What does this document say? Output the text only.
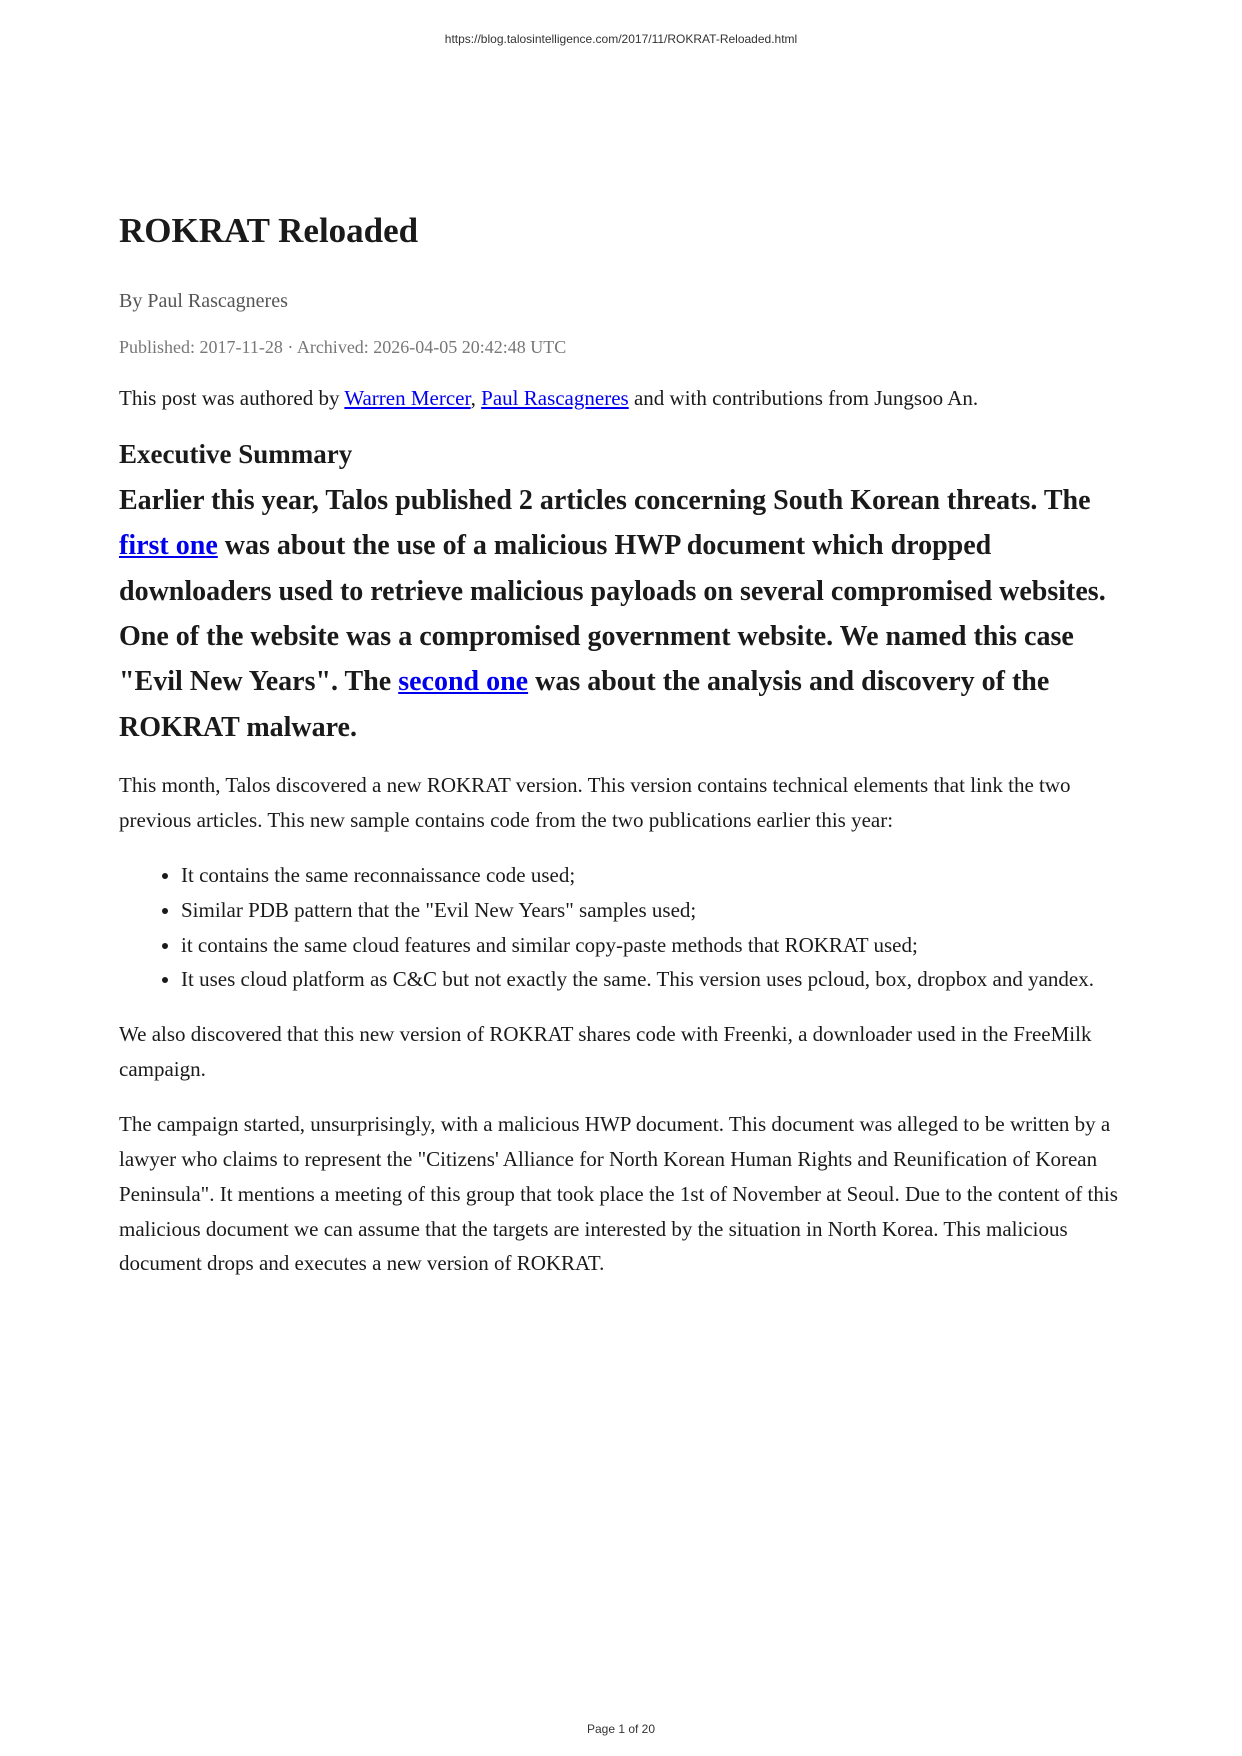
https://blog.talosintelligence.com/2017/11/ROKRAT-Reloaded.html
ROKRAT Reloaded
By Paul Rascagneres
Published: 2017-11-28 · Archived: 2026-04-05 20:42:48 UTC

This post was authored by Warren Mercer, Paul Rascagneres and with contributions from Jungsoo An.

Executive Summary

Earlier this year, Talos published 2 articles concerning South Korean threats. The first one was about the use of a malicious HWP document which dropped downloaders used to retrieve malicious payloads on several compromised websites. One of the website was a compromised government website. We named this case "Evil New Years". The second one was about the analysis and discovery of the ROKRAT malware.

This month, Talos discovered a new ROKRAT version. This version contains technical elements that link the two previous articles. This new sample contains code from the two publications earlier this year:

• It contains the same reconnaissance code used;
• Similar PDB pattern that the "Evil New Years" samples used;
• it contains the same cloud features and similar copy-paste methods that ROKRAT used;
• It uses cloud platform as C&C but not exactly the same. This version uses pcloud, box, dropbox and yandex.

We also discovered that this new version of ROKRAT shares code with Freenki, a downloader used in the FreeMilk campaign.

The campaign started, unsurprisingly, with a malicious HWP document. This document was alleged to be written by a lawyer who claims to represent the "Citizens' Alliance for North Korean Human Rights and Reunification of Korean Peninsula". It mentions a meeting of this group that took place the 1st of November at Seoul. Due to the content of this malicious document we can assume that the targets are interested by the situation in North Korea. This malicious document drops and executes a new version of ROKRAT.

Page 1 of 20
